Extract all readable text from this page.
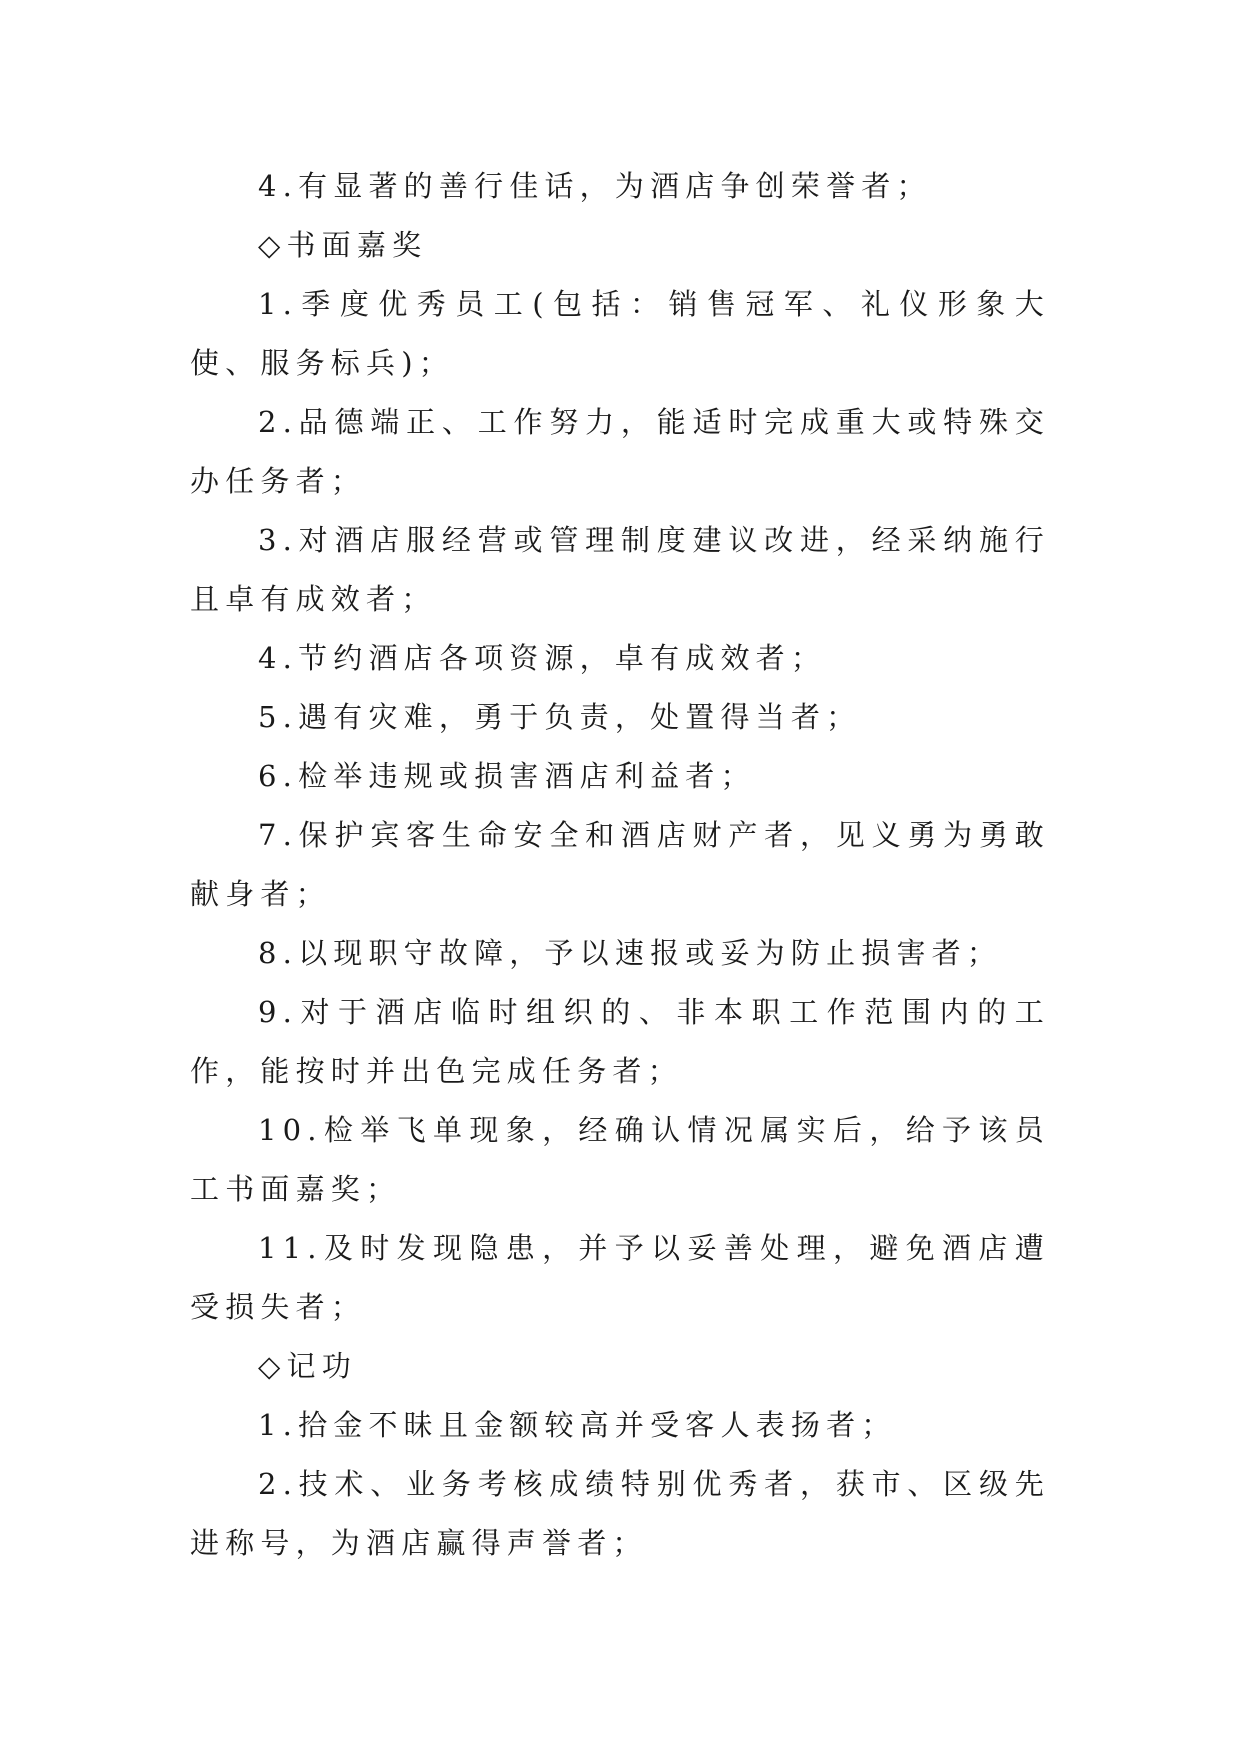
4.有显著的善行佳话，为酒店争创荣誉者；

◇书面嘉奖

1.季度优秀员工(包括：销售冠军、礼仪形象大使、服务标兵)；

2.品德端正、工作努力，能适时完成重大或特殊交办任务者；

3.对酒店服经营或管理制度建议改进，经采纳施行且卓有成效者；

4.节约酒店各项资源，卓有成效者；

5.遇有灾难，勇于负责，处置得当者；

6.检举违规或损害酒店利益者；

7.保护宾客生命安全和酒店财产者，见义勇为勇敢献身者；

8.以现职守故障，予以速报或妥为防止损害者；

9.对于酒店临时组织的、非本职工作范围内的工作，能按时并出色完成任务者；

10.检举飞单现象，经确认情况属实后，给予该员工书面嘉奖；

11.及时发现隐患，并予以妥善处理，避免酒店遭受损失者；

◇记功

1.拾金不昧且金额较高并受客人表扬者；

2.技术、业务考核成绩特别优秀者，获市、区级先进称号，为酒店赢得声誉者；
